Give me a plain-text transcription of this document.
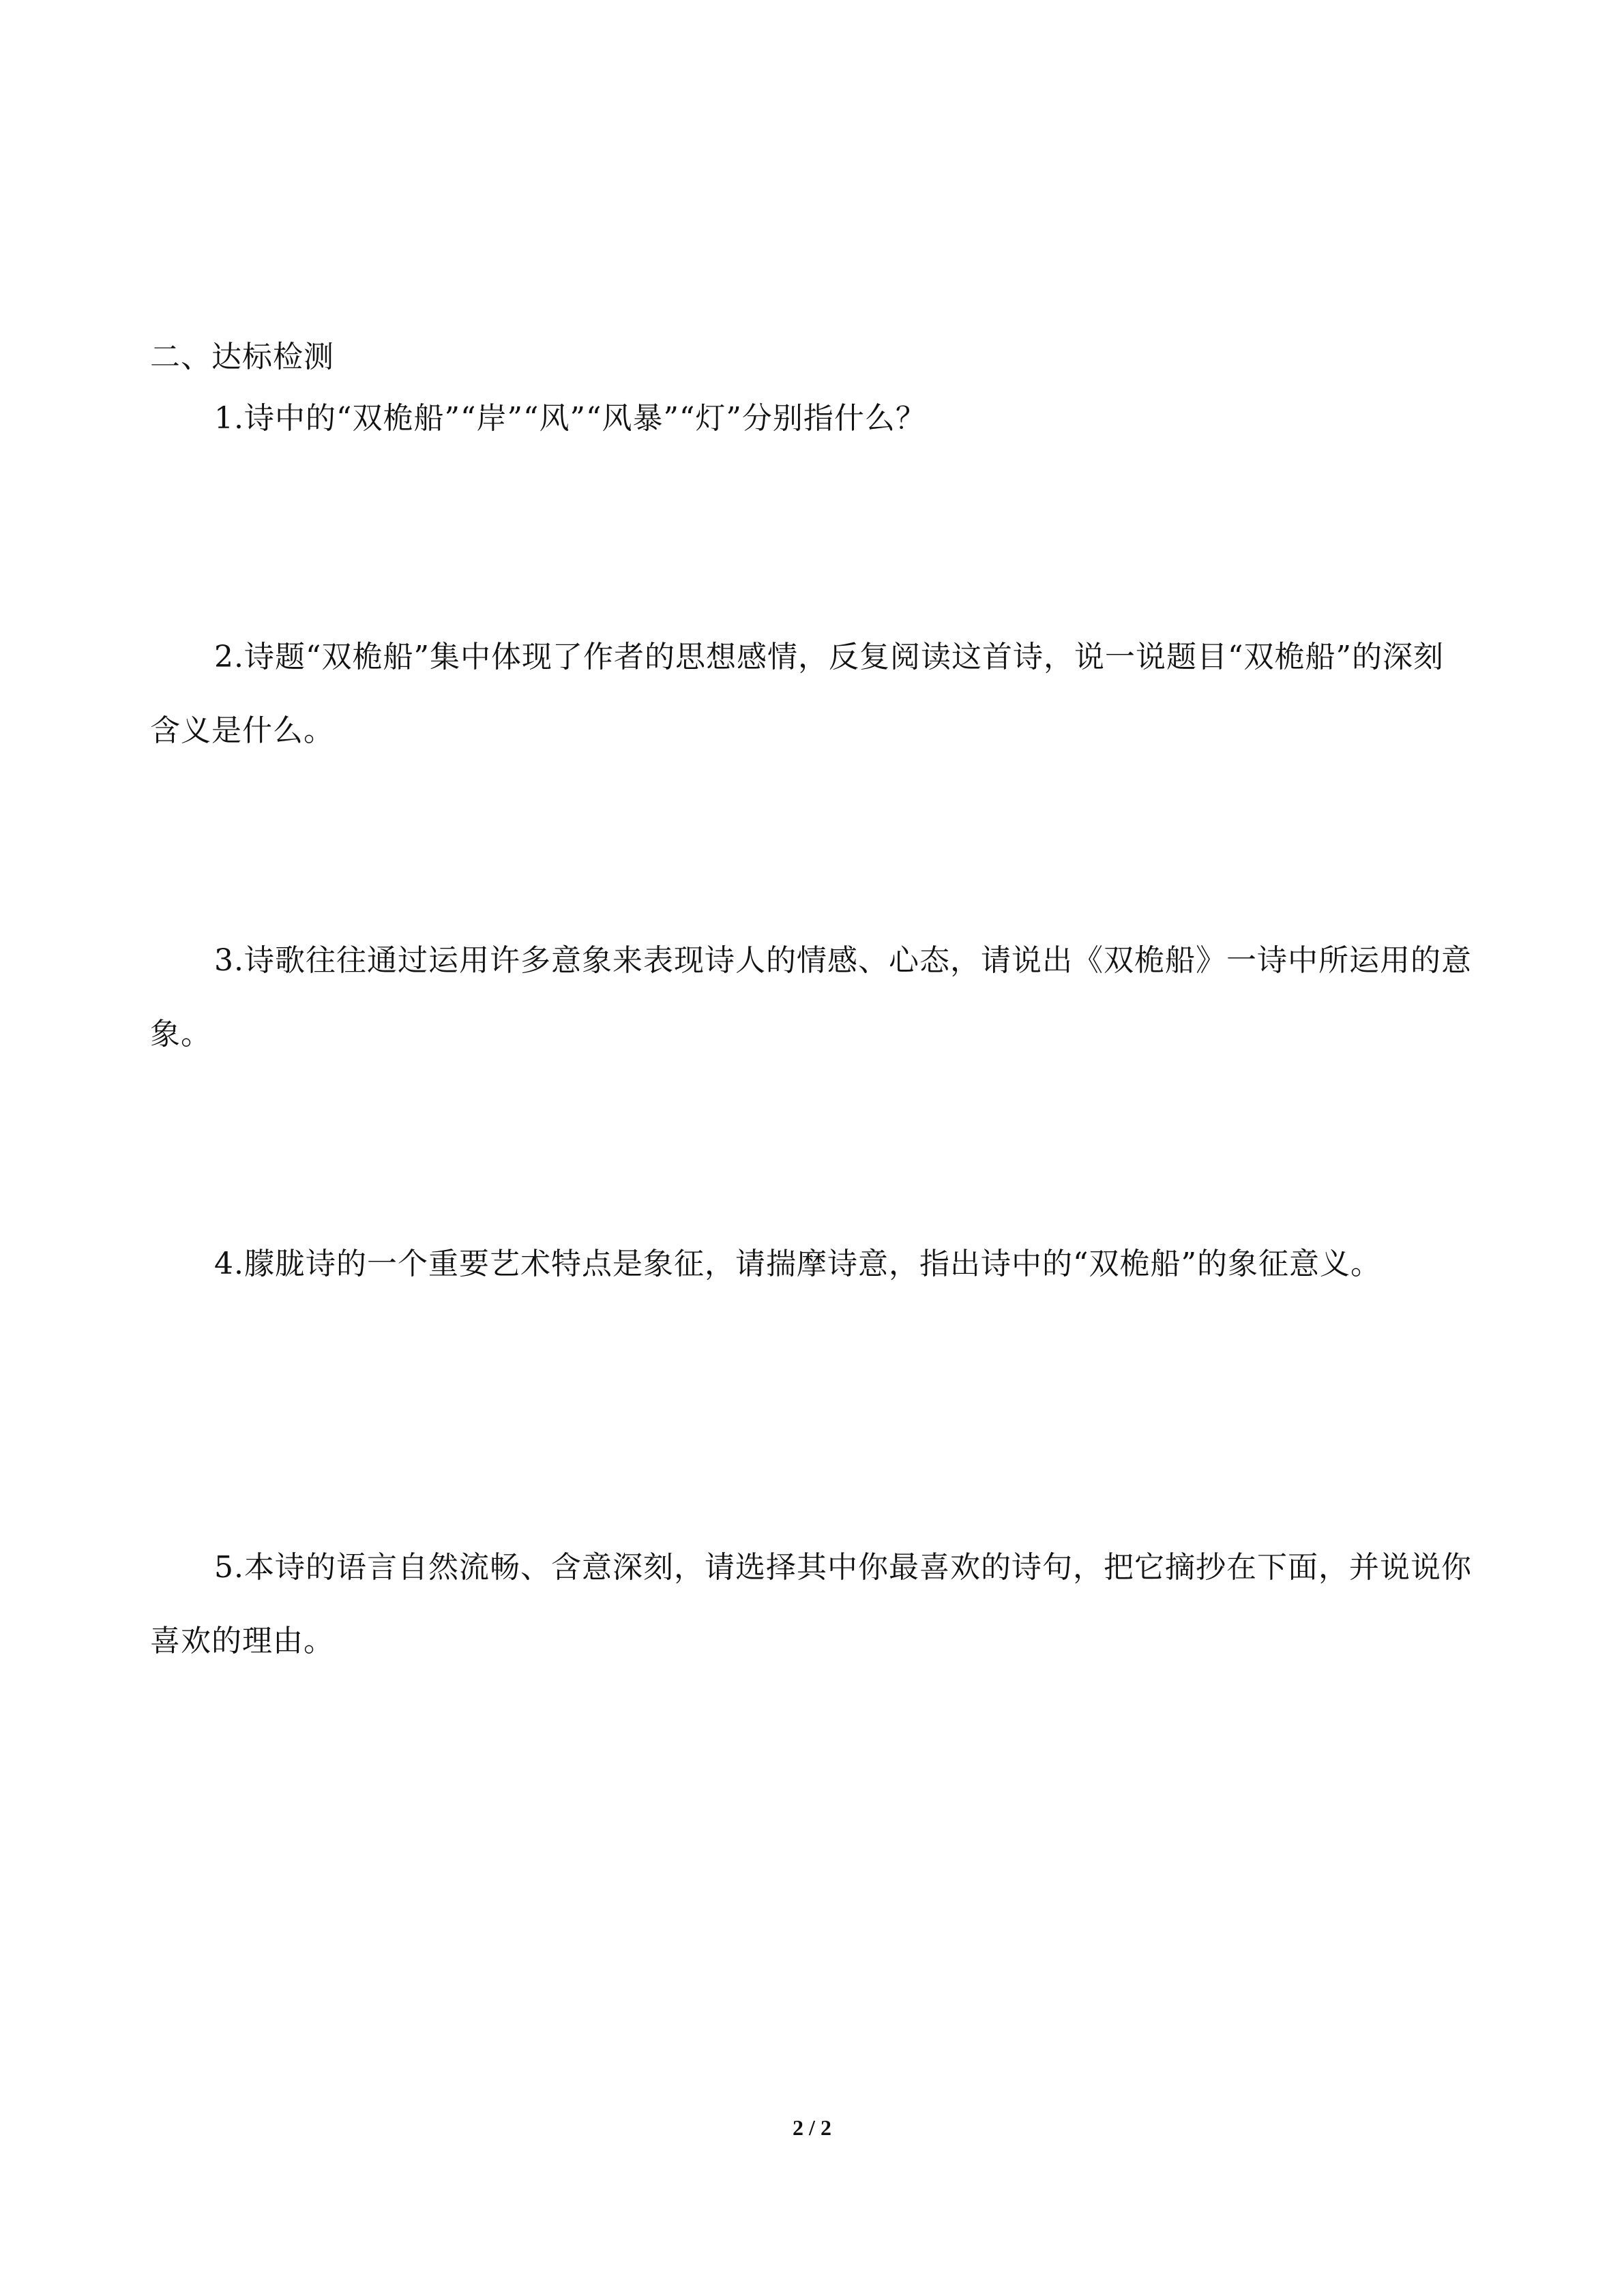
二、达标检测
1.诗中的“双桅船”“岸”“风”“风暴”“灯”分别指什么？
2.诗题“双桅船”集中体现了作者的思想感情，反复阅读这首诗，说一说题目“双桅船”的深刻含义是什么。
3.诗歌往往通过运用许多意象来表现诗人的情感、心态，请说出《双桅船》一诗中所运用的意象。
4.朦胧诗的一个重要艺术特点是象征，请揣摩诗意，指出诗中的“双桅船”的象征意义。
5.本诗的语言自然流畅、含意深刻，请选择其中你最喜欢的诗句，把它摘抄在下面，并说说你喜欢的理由。
2 / 2
